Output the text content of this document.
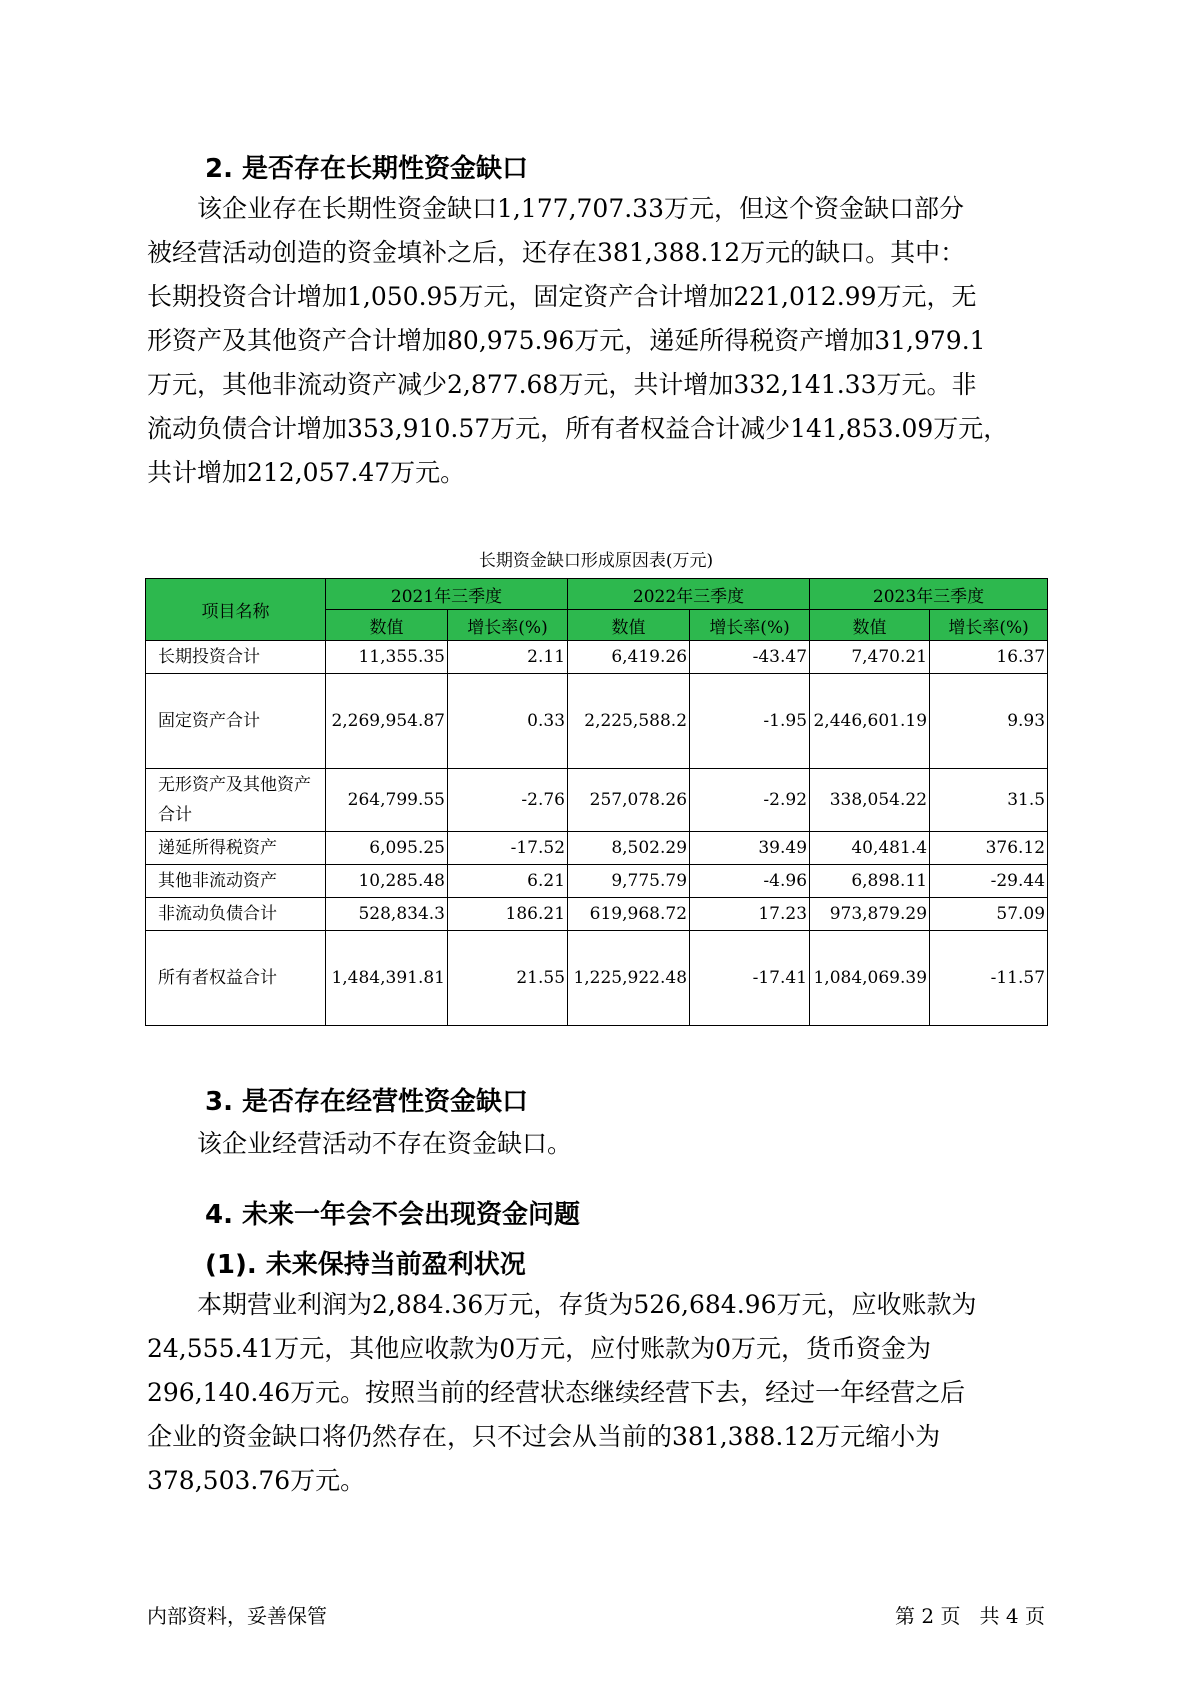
2. 是否存在长期性资金缺口
该企业存在长期性资金缺口1,177,707.33万元，但这个资金缺口部分
被经营活动创造的资金填补之后，还存在381,388.12万元的缺口。其中：
长期投资合计增加1,050.95万元，固定资产合计增加221,012.99万元，无
形资产及其他资产合计增加80,975.96万元，递延所得税资产增加31,979.1
万元，其他非流动资产减少2,877.68万元，共计增加332,141.33万元。非
流动负债合计增加353,910.57万元，所有者权益合计减少141,853.09万元，
共计增加212,057.47万元。
长期资金缺口形成原因表(万元)
项目名称	2021年三季度		2022年三季度		2023年三季度	
	数值	增长率(%)	数值	增长率(%)	数值	增长率(%)
长期投资合计	11,355.35	2.11	6,419.26	-43.47	7,470.21	16.37
固定资产合计	2,269,954.87	0.33	2,225,588.2	-1.95	2,446,601.19	9.93
无形资产及其他资产合计	264,799.55	-2.76	257,078.26	-2.92	338,054.22	31.5
递延所得税资产	6,095.25	-17.52	8,502.29	39.49	40,481.4	376.12
其他非流动资产	10,285.48	6.21	9,775.79	-4.96	6,898.11	-29.44
非流动负债合计	528,834.3	186.21	619,968.72	17.23	973,879.29	57.09
所有者权益合计	1,484,391.81	21.55	1,225,922.48	-17.41	1,084,069.39	-11.57
3. 是否存在经营性资金缺口
该企业经营活动不存在资金缺口。
4. 未来一年会不会出现资金问题
(1). 未来保持当前盈利状况
本期营业利润为2,884.36万元，存货为526,684.96万元，应收账款为
24,555.41万元，其他应收款为0万元，应付账款为0万元，货币资金为
296,140.46万元。按照当前的经营状态继续经营下去，经过一年经营之后
企业的资金缺口将仍然存在，只不过会从当前的381,388.12万元缩小为
378,503.76万元。
内部资料，妥善保管	第 2 页   共 4 页
